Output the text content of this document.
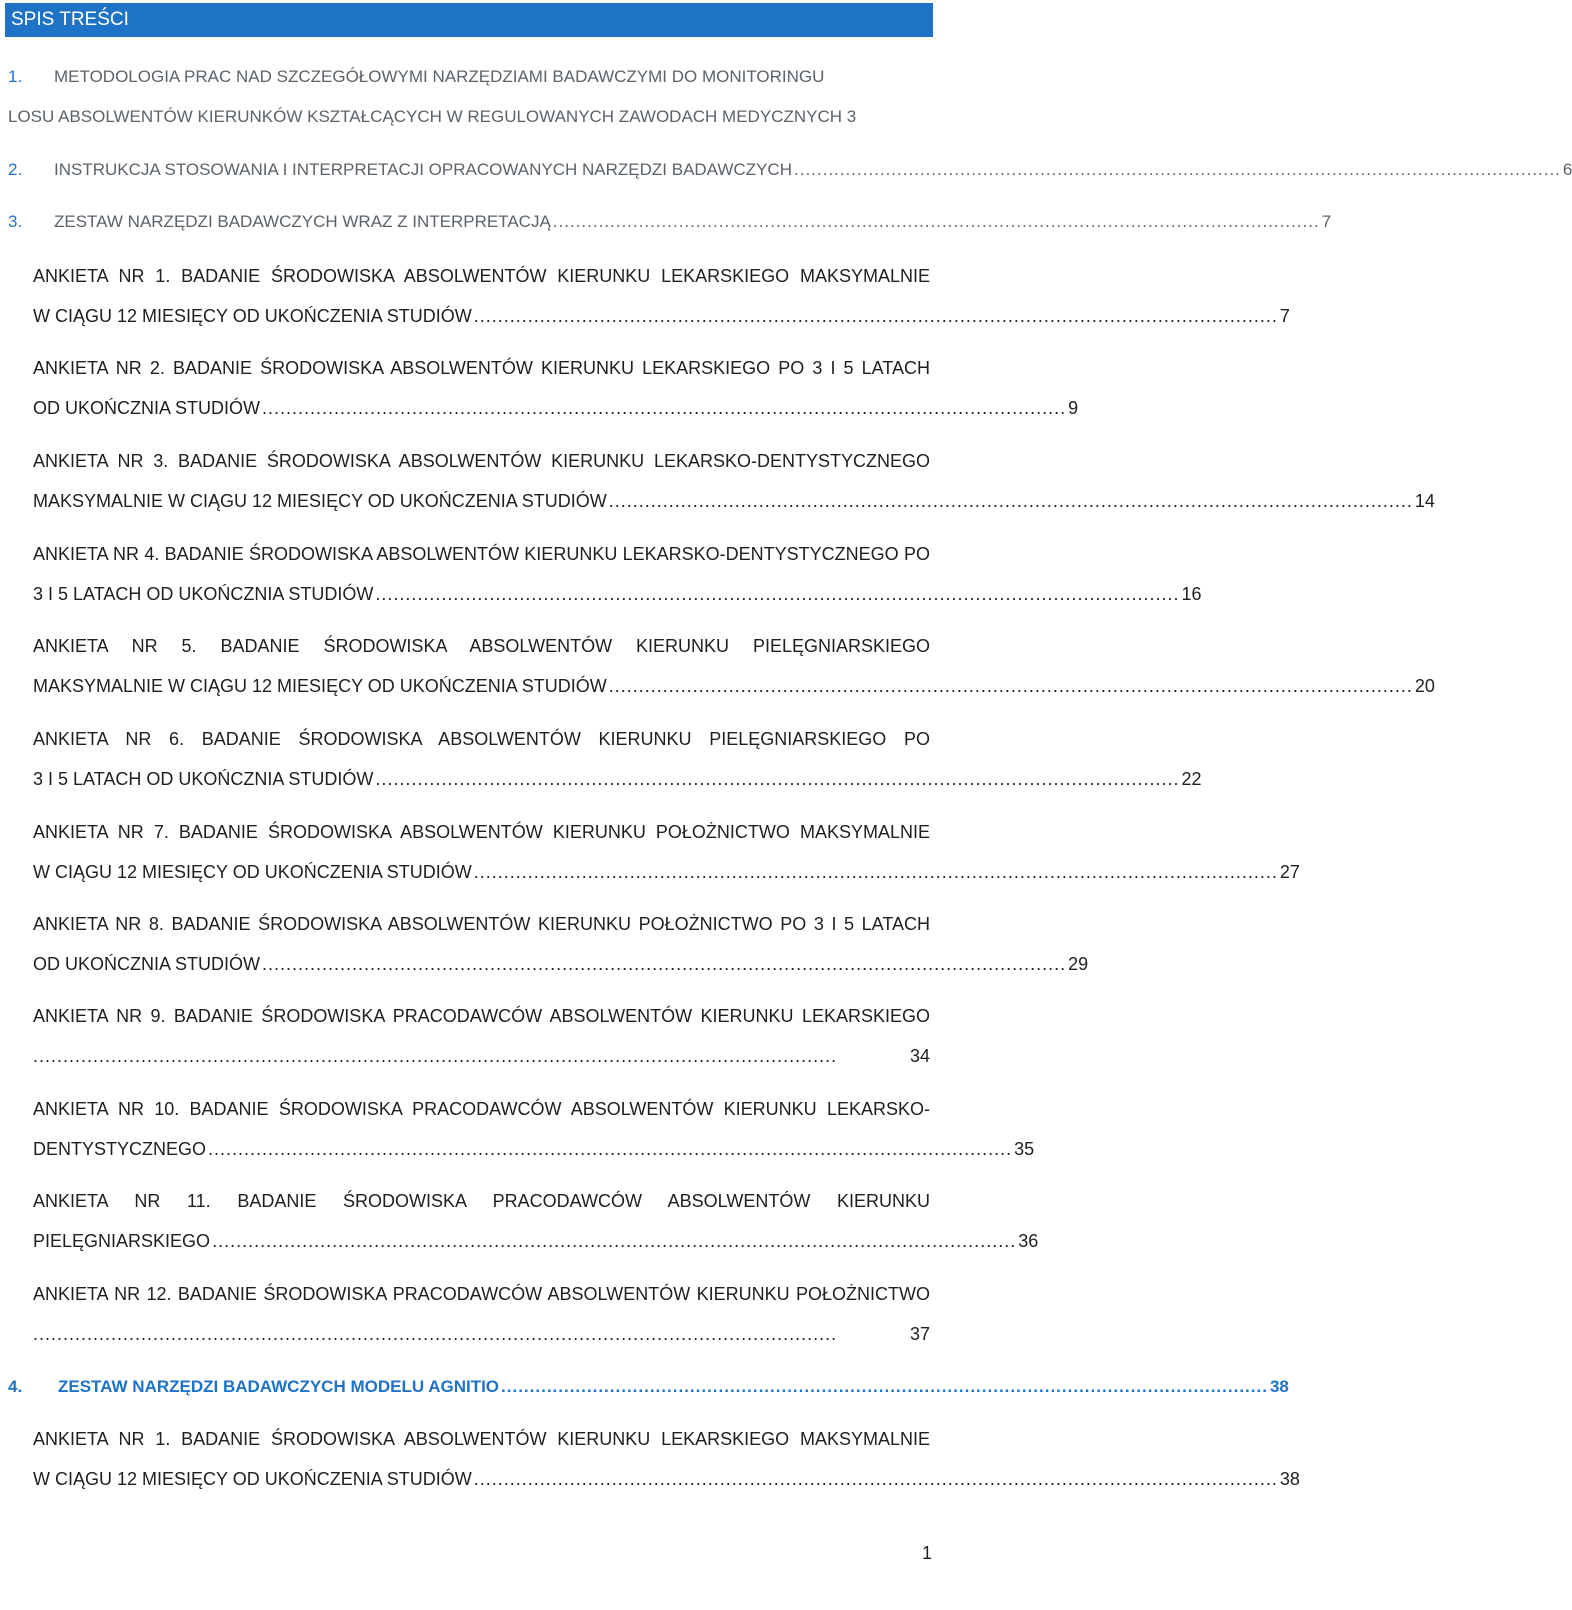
SPIS TREŚCI
1. METODOLOGIA PRAC NAD SZCZEGÓŁOWYMI NARZĘDZIAMI BADAWCZYMI DO MONITORINGU
LOSU ABSOLWENTÓW KIERUNKÓW KSZTAŁCĄCYCH W REGULOWANYCH ZAWODACH MEDYCZNYCH 3
2. INSTRUKCJA STOSOWANIA I INTERPRETACJI OPRACOWANYCH NARZĘDZI BADAWCZYCH ...................................................................................................................................... 6
3. ZESTAW NARZĘDZI BADAWCZYCH WRAZ Z INTERPRETACJĄ ...................................................................................................................................... 7
ANKIETA NR 1. BADANIE ŚRODOWISKA ABSOLWENTÓW KIERUNKU LEKARSKIEGO MAKSYMALNIE
W CIĄGU 12 MIESIĘCY OD UKOŃCZENIA STUDIÓW ...................................................................................................................................... 7
ANKIETA NR 2. BADANIE ŚRODOWISKA ABSOLWENTÓW KIERUNKU LEKARSKIEGO PO 3 I 5 LATACH
OD UKOŃCZNIA STUDIÓW ...................................................................................................................................... 9
ANKIETA NR 3. BADANIE ŚRODOWISKA ABSOLWENTÓW KIERUNKU LEKARSKO-DENTYSTYCZNEGO
MAKSYMALNIE W CIĄGU 12 MIESIĘCY OD UKOŃCZENIA STUDIÓW ...................................................................................................................................... 14
ANKIETA NR 4. BADANIE ŚRODOWISKA ABSOLWENTÓW KIERUNKU LEKARSKO-DENTYSTYCZNEGO PO
3 I 5 LATACH OD UKOŃCZNIA STUDIÓW ...................................................................................................................................... 16
ANKIETA NR 5. BADANIE ŚRODOWISKA ABSOLWENTÓW KIERUNKU PIELĘGNIARSKIEGO
MAKSYMALNIE W CIĄGU 12 MIESIĘCY OD UKOŃCZENIA STUDIÓW ...................................................................................................................................... 20
ANKIETA NR 6. BADANIE ŚRODOWISKA ABSOLWENTÓW KIERUNKU PIELĘGNIARSKIEGO PO
3 I 5 LATACH OD UKOŃCZNIA STUDIÓW ...................................................................................................................................... 22
ANKIETA NR 7. BADANIE ŚRODOWISKA ABSOLWENTÓW KIERUNKU POŁOŻNICTWO MAKSYMALNIE
W CIĄGU 12 MIESIĘCY OD UKOŃCZENIA STUDIÓW ...................................................................................................................................... 27
ANKIETA NR 8. BADANIE ŚRODOWISKA ABSOLWENTÓW KIERUNKU POŁOŻNICTWO PO 3 I 5 LATACH
OD UKOŃCZNIA STUDIÓW ...................................................................................................................................... 29
ANKIETA NR 9. BADANIE ŚRODOWISKA PRACODAWCÓW ABSOLWENTÓW KIERUNKU LEKARSKIEGO
......................................................................................................................................	34
ANKIETA NR 10. BADANIE ŚRODOWISKA PRACODAWCÓW ABSOLWENTÓW KIERUNKU LEKARSKO-
DENTYSTYCZNEGO ...................................................................................................................................... 35
ANKIETA NR 11. BADANIE ŚRODOWISKA PRACODAWCÓW ABSOLWENTÓW KIERUNKU
PIELĘGNIARSKIEGO ...................................................................................................................................... 36
ANKIETA NR 12. BADANIE ŚRODOWISKA PRACODAWCÓW ABSOLWENTÓW KIERUNKU POŁOŻNICTWO
......................................................................................................................................	37
4. ZESTAW NARZĘDZI BADAWCZYCH MODELU AGNITIO ...................................................................................................................................... 38
ANKIETA NR 1. BADANIE ŚRODOWISKA ABSOLWENTÓW KIERUNKU LEKARSKIEGO MAKSYMALNIE
W CIĄGU 12 MIESIĘCY OD UKOŃCZENIA STUDIÓW ...................................................................................................................................... 38
1
